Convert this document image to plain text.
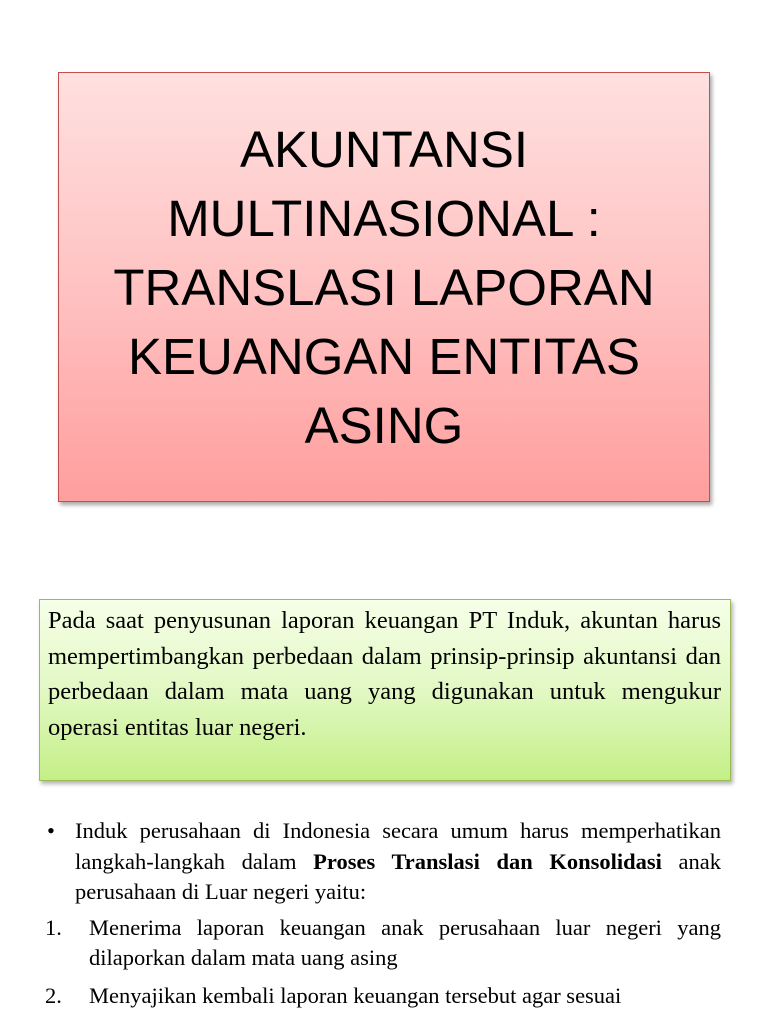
AKUNTANSI
MULTINASIONAL :
TRANSLASI LAPORAN
KEUANGAN ENTITAS
ASING

Pada saat penyusunan laporan keuangan PT Induk, akuntan harus mempertimbangkan perbedaan dalam prinsip-prinsip akuntansi dan perbedaan dalam mata uang yang digunakan untuk mengukur operasi entitas luar negeri.

• Induk perusahaan di Indonesia secara umum harus memperhatikan langkah-langkah dalam Proses Translasi dan Konsolidasi anak perusahaan di Luar negeri yaitu:
1. Menerima laporan keuangan anak perusahaan luar negeri yang dilaporkan dalam mata uang asing
2. Menyajikan kembali laporan keuangan tersebut agar sesuai
